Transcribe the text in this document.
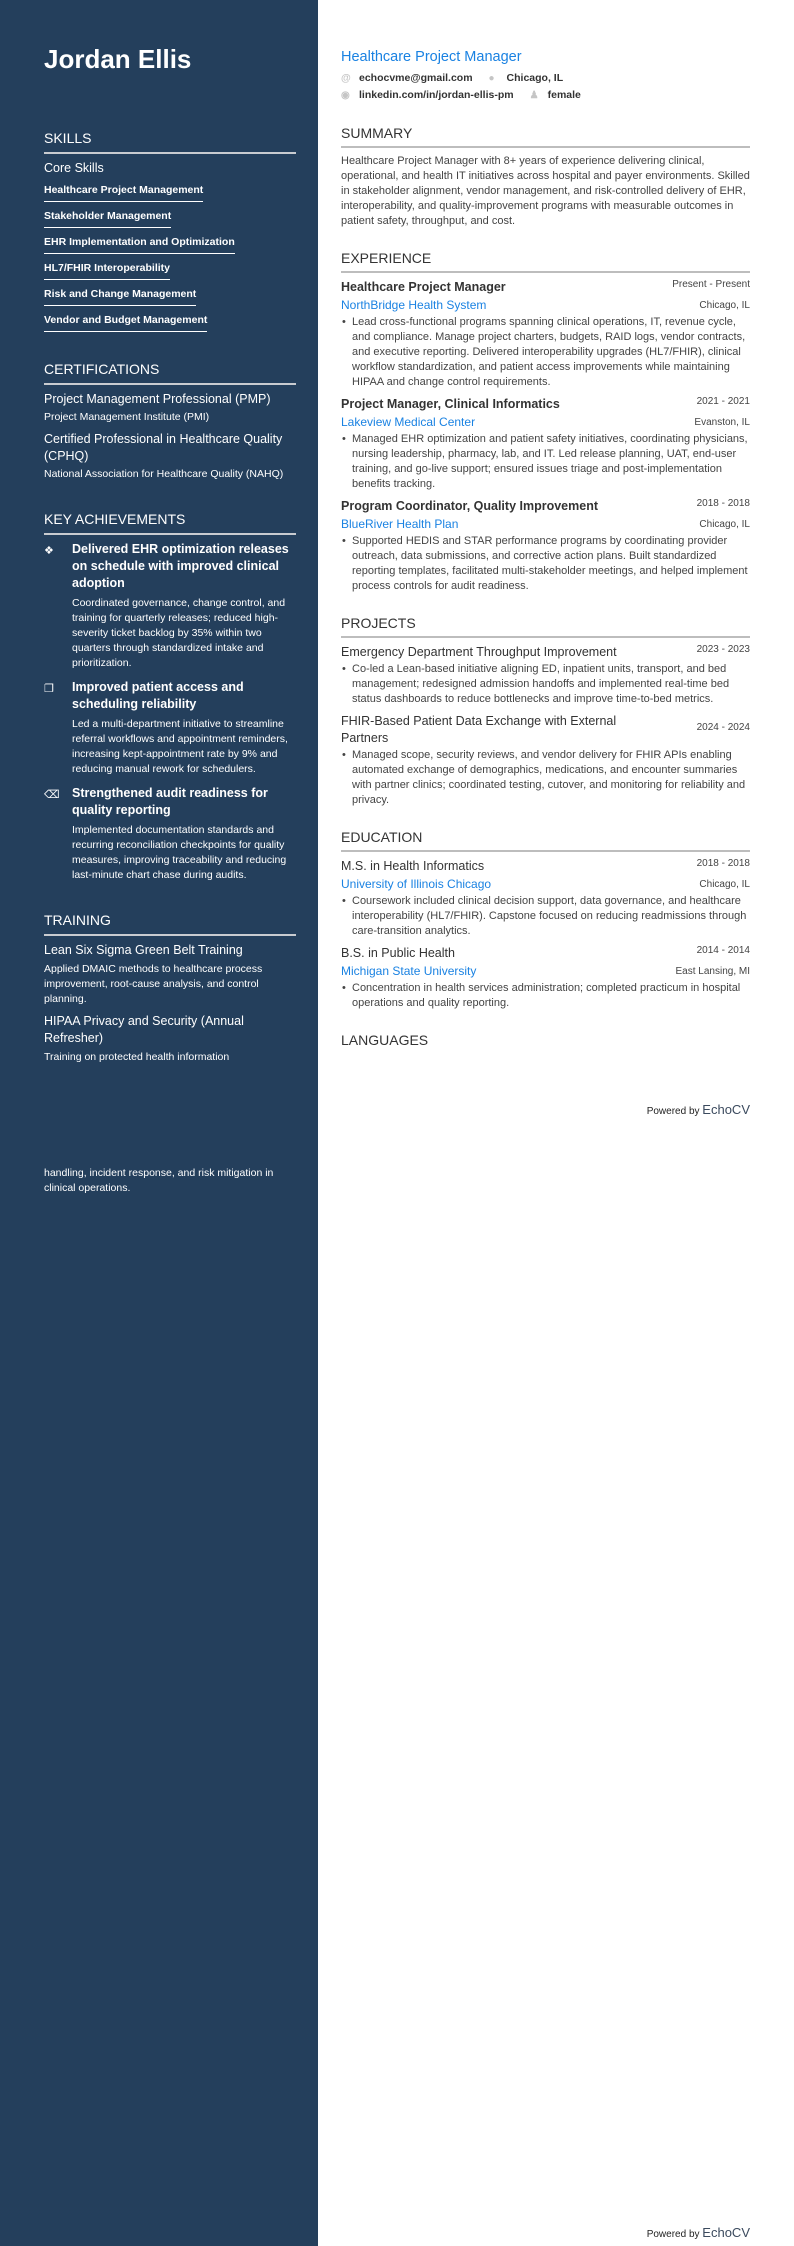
Jordan Ellis
SKILLS
Core Skills
Healthcare Project Management
Stakeholder Management
EHR Implementation and Optimization
HL7/FHIR Interoperability
Risk and Change Management
Vendor and Budget Management
CERTIFICATIONS
Project Management Professional (PMP)
Project Management Institute (PMI)
Certified Professional in Healthcare Quality (CPHQ)
National Association for Healthcare Quality (NAHQ)
KEY ACHIEVEMENTS
❖	Delivered EHR optimization releases on schedule with improved clinical adoption
Coordinated governance, change control, and training for quarterly releases; reduced high-severity ticket backlog by 35% within two quarters through standardized intake and prioritization.
❐	Improved patient access and scheduling reliability
Led a multi-department initiative to streamline referral workflows and appointment reminders, increasing kept-appointment rate by 9% and reducing manual rework for schedulers.
⌫ Strengthened audit readiness for quality reporting
Implemented documentation standards and recurring reconciliation checkpoints for quality measures, improving traceability and reducing last-minute chart chase during audits.
TRAINING
Lean Six Sigma Green Belt Training
Applied DMAIC methods to healthcare process improvement, root-cause analysis, and control planning.
HIPAA Privacy and Security (Annual Refresher)
Training on protected health information
handling, incident response, and risk mitigation in clinical operations.
Healthcare Project Manager
@ echocvme@gmail.com ●	Chicago, IL
◉ linkedin.com/in/jordan-ellis-pm ♟ female
SUMMARY
Healthcare Project Manager with 8+ years of experience delivering clinical, operational, and health IT initiatives across hospital and payer environments. Skilled in stakeholder alignment, vendor management, and risk-controlled delivery of EHR, interoperability, and quality-improvement programs with measurable outcomes in patient safety, throughput, and cost.
EXPERIENCE
Healthcare Project Manager	Present - Present
NorthBridge Health System	Chicago, IL
• Lead cross-functional programs spanning clinical operations, IT, revenue cycle, and compliance. Manage project charters, budgets, RAID logs, vendor contracts, and executive reporting. Delivered interoperability upgrades (HL7/FHIR), clinical workflow standardization, and patient access improvements while maintaining HIPAA and change control requirements.
Project Manager, Clinical Informatics	2021 - 2021
Lakeview Medical Center	Evanston, IL
• Managed EHR optimization and patient safety initiatives, coordinating physicians, nursing leadership, pharmacy, lab, and IT. Led release planning, UAT, end-user training, and go-live support; ensured issues triage and post-implementation benefits tracking.
Program Coordinator, Quality Improvement	2018 - 2018
BlueRiver Health Plan	Chicago, IL
• Supported HEDIS and STAR performance programs by coordinating provider outreach, data submissions, and corrective action plans. Built standardized reporting templates, facilitated multi-stakeholder meetings, and helped implement process controls for audit readiness.
PROJECTS
Emergency Department Throughput Improvement	2023 - 2023
• Co-led a Lean-based initiative aligning ED, inpatient units, transport, and bed management; redesigned admission handoffs and implemented real-time bed status dashboards to reduce bottlenecks and improve time-to-bed metrics.
FHIR-Based Patient Data Exchange with External Partners
2024 - 2024
• Managed scope, security reviews, and vendor delivery for FHIR APIs enabling automated exchange of demographics, medications, and encounter summaries with partner clinics; coordinated testing, cutover, and monitoring for reliability and privacy.
EDUCATION
M.S. in Health Informatics	2018 - 2018
University of Illinois Chicago	Chicago, IL
• Coursework included clinical decision support, data governance, and healthcare interoperability (HL7/FHIR). Capstone focused on reducing readmissions through care-transition analytics.
B.S. in Public Health	2014 - 2014
Michigan State University	East Lansing, MI
• Concentration in health services administration; completed practicum in hospital operations and quality reporting.
LANGUAGES
Powered by EchoCV
Powered by EchoCV
